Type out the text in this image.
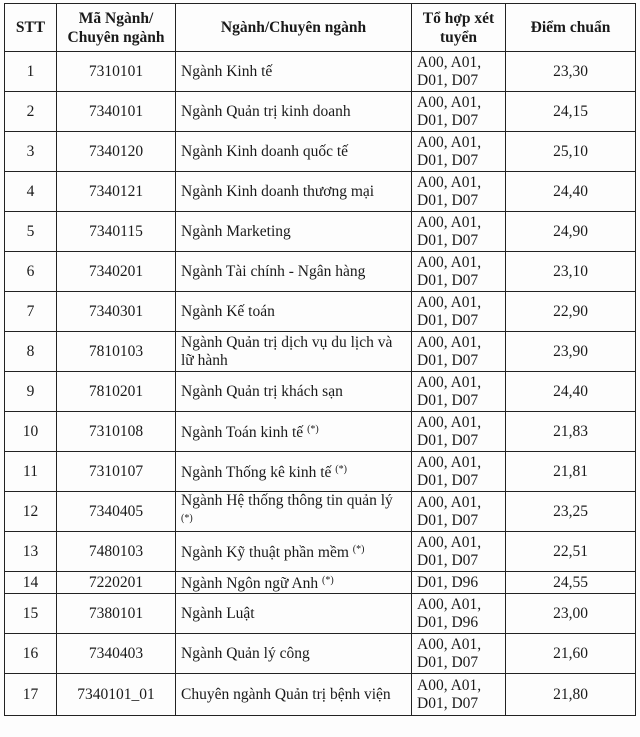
STT	Mã Ngành/ Chuyên ngành	Ngành/Chuyên ngành	Tổ hợp xét tuyển	Điểm chuẩn
1	7310101	Ngành Kinh tế	A00, A01, D01, D07	23,30
2	7340101	Ngành Quản trị kinh doanh	A00, A01, D01, D07	24,15
3	7340120	Ngành Kinh doanh quốc tế	A00, A01, D01, D07	25,10
4	7340121	Ngành Kinh doanh thương mại	A00, A01, D01, D07	24,40
5	7340115	Ngành Marketing	A00, A01, D01, D07	24,90
6	7340201	Ngành Tài chính - Ngân hàng	A00, A01, D01, D07	23,10
7	7340301	Ngành Kế toán	A00, A01, D01, D07	22,90
8	7810103	Ngành Quản trị dịch vụ du lịch và lữ hành	A00, A01, D01, D07	23,90
9	7810201	Ngành Quản trị khách sạn	A00, A01, D01, D07	24,40
10	7310108	Ngành Toán kinh tế (*)	A00, A01, D01, D07	21,83
11	7310107	Ngành Thống kê kinh tế (*)	A00, A01, D01, D07	21,81
12	7340405	Ngành Hệ thống thông tin quản lý (*)	A00, A01, D01, D07	23,25
13	7480103	Ngành Kỹ thuật phần mềm (*)	A00, A01, D01, D07	22,51
14	7220201	Ngành Ngôn ngữ Anh (*)	D01, D96	24,55
15	7380101	Ngành Luật	A00, A01, D01, D96	23,00
16	7340403	Ngành Quản lý công	A00, A01, D01, D07	21,60
17	7340101_01	Chuyên ngành Quản trị bệnh viện	A00, A01, D01, D07	21,80
